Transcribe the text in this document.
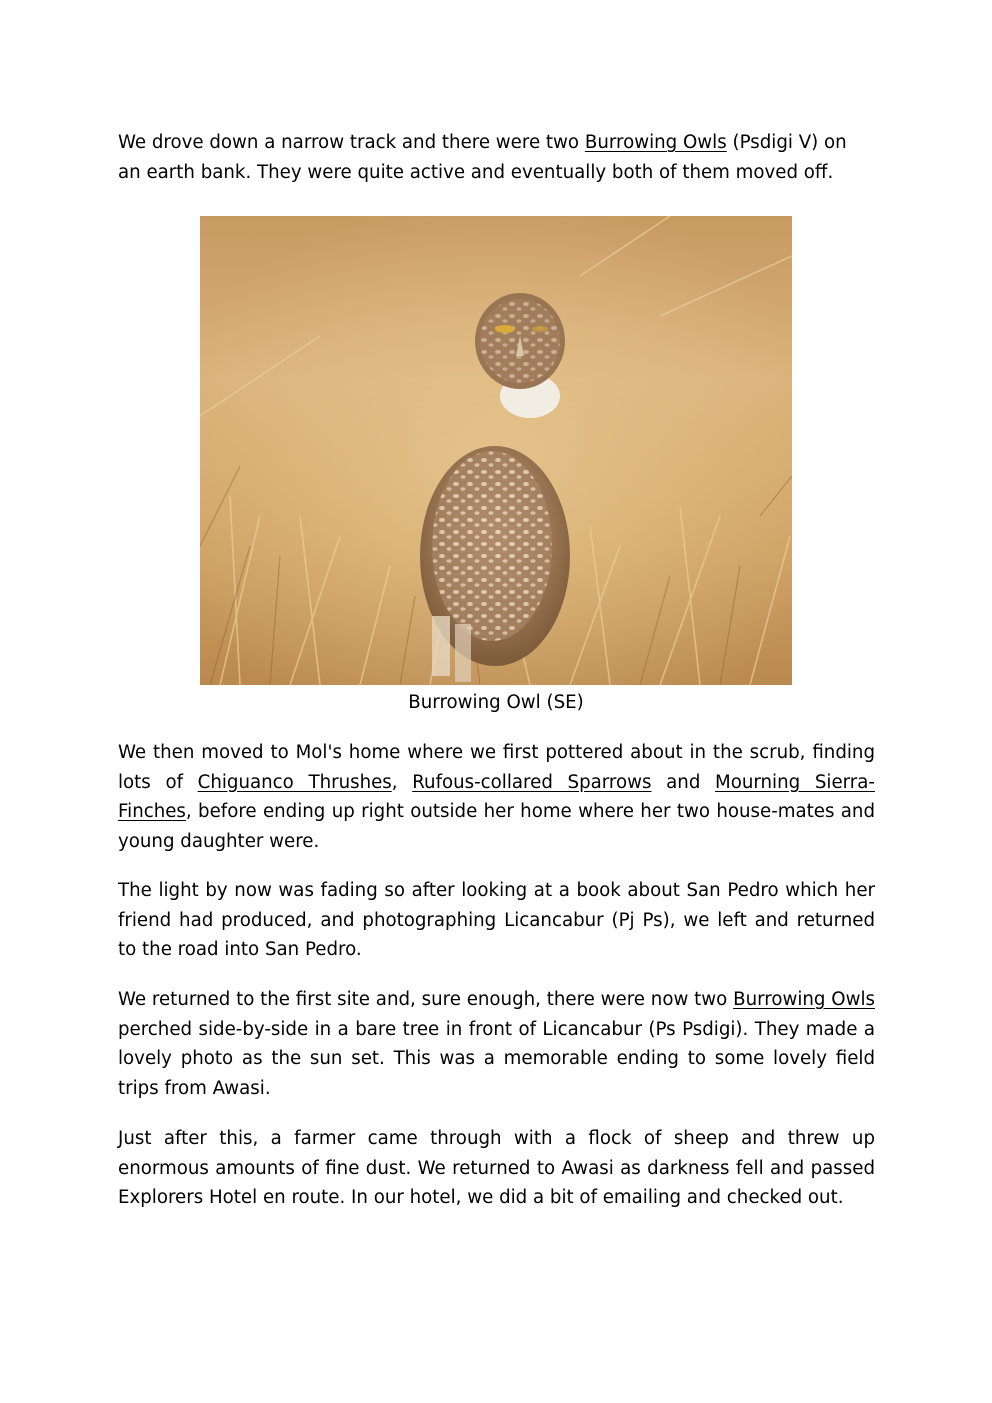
We drove down a narrow track and there were two Burrowing Owls (Psdigi V) on an earth bank. They were quite active and eventually both of them moved off.

Burrowing Owl (SE)

We then moved to Mol's home where we first pottered about in the scrub, finding lots of Chiguanco Thrushes, Rufous-collared Sparrows and Mourning Sierra-Finches, before ending up right outside her home where her two house-mates and young daughter were.

The light by now was fading so after looking at a book about San Pedro which her friend had produced, and photographing Licancabur (Pj Ps), we left and returned to the road into San Pedro.

We returned to the first site and, sure enough, there were now two Burrowing Owls perched side-by-side in a bare tree in front of Licancabur (Ps Psdigi). They made a lovely photo as the sun set. This was a memorable ending to some lovely field trips from Awasi.

Just after this, a farmer came through with a flock of sheep and threw up enormous amounts of fine dust. We returned to Awasi as darkness fell and passed Explorers Hotel en route. In our hotel, we did a bit of emailing and checked out.
